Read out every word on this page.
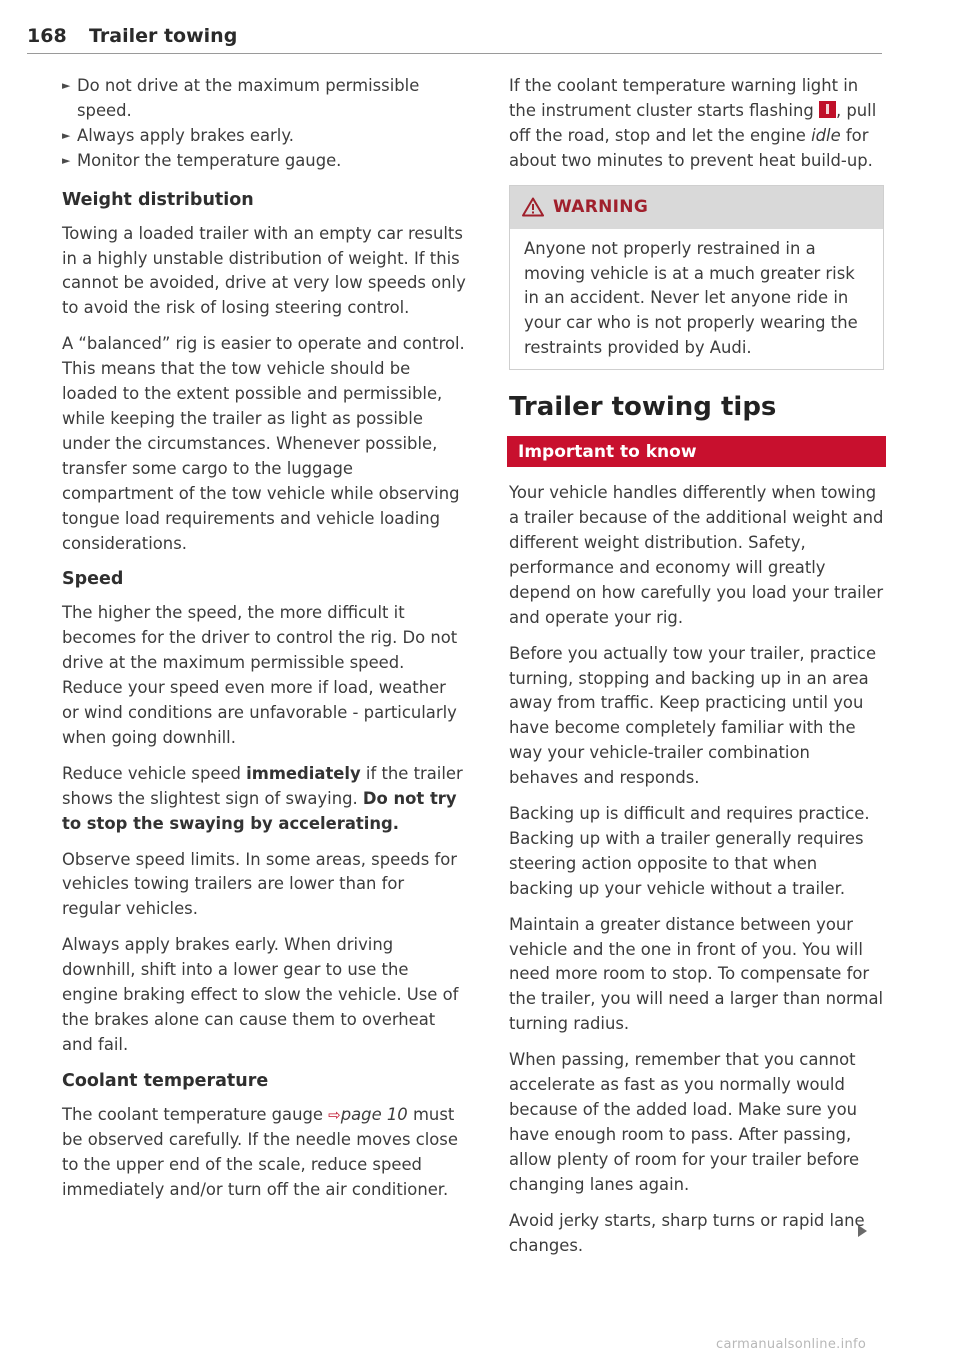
168 Trailer towing
► Do not drive at the maximum permissible speed.
► Always apply brakes early.
► Monitor the temperature gauge.
Weight distribution

Towing a loaded trailer with an empty car results in a highly unstable distribution of weight. If this cannot be avoided, drive at very low speeds only to avoid the risk of losing steering control.

A “balanced” rig is easier to operate and control. This means that the tow vehicle should be loaded to the extent possible and permissible, while keeping the trailer as light as possible under the circumstances. Whenever possible, transfer some cargo to the luggage compartment of the tow vehicle while observing tongue load requirements and vehicle loading considerations.

Speed

The higher the speed, the more difficult it becomes for the driver to control the rig. Do not drive at the maximum permissible speed. Reduce your speed even more if load, weather or wind conditions are unfavorable - particularly when going downhill.

Reduce vehicle speed immediately if the trailer shows the slightest sign of swaying. Do not try to stop the swaying by accelerating.

Observe speed limits. In some areas, speeds for vehicles towing trailers are lower than for regular vehicles.

Always apply brakes early. When driving downhill, shift into a lower gear to use the engine braking effect to slow the vehicle. Use of the brakes alone can cause them to overheat and fail.

Coolant temperature

The coolant temperature gauge ⇨page 10 must be observed carefully. If the needle moves close to the upper end of the scale, reduce speed immediately and/or turn off the air conditioner.

If the coolant temperature warning light in the instrument cluster starts flashing , pull off the road, stop and let the engine idle for about two minutes to prevent heat build-up.

WARNING

Anyone not properly restrained in a moving vehicle is at a much greater risk in an accident. Never let anyone ride in your car who is not properly wearing the restraints provided by Audi.

Trailer towing tips
Important to know

Your vehicle handles differently when towing a trailer because of the additional weight and different weight distribution. Safety, performance and economy will greatly depend on how carefully you load your trailer and operate your rig.

Before you actually tow your trailer, practice turning, stopping and backing up in an area away from traffic. Keep practicing until you have become completely familiar with the way your vehicle-trailer combination behaves and responds.

Backing up is difficult and requires practice. Backing up with a trailer generally requires steering action opposite to that when backing up your vehicle without a trailer.

Maintain a greater distance between your vehicle and the one in front of you. You will need more room to stop. To compensate for the trailer, you will need a larger than normal turning radius.

When passing, remember that you cannot accelerate as fast as you normally would because of the added load. Make sure you have enough room to pass. After passing, allow plenty of room for your trailer before changing lanes again.

Avoid jerky starts, sharp turns or rapid lane changes.

carmanualsonline.info
